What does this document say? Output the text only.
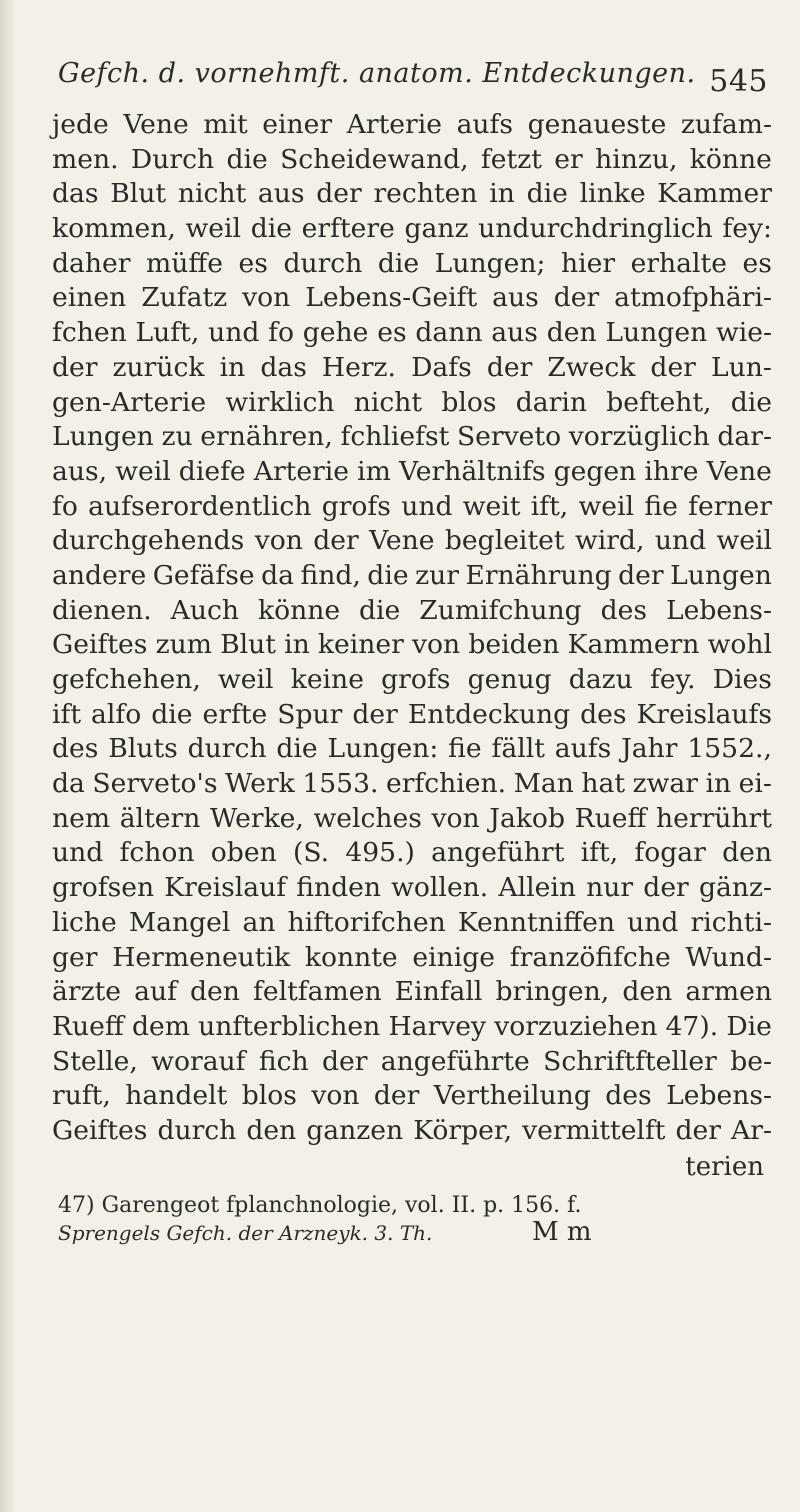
Gefch. d. vornehmft. anatom. Entdeckungen. 545
jede Vene mit einer Arterie aufs genaueste zufam-
men. Durch die Scheidewand, fetzt er hinzu, könne
das Blut nicht aus der rechten in die linke Kammer
kommen, weil die erftere ganz undurchdringlich fey:
daher müffe es durch die Lungen; hier erhalte es
einen Zufatz von Lebens-Geift aus der atmofphäri-
fchen Luft, und fo gehe es dann aus den Lungen wie-
der zurück in das Herz. Dafs der Zweck der Lun-
gen-Arterie wirklich nicht blos darin befteht, die
Lungen zu ernähren, fchliefst Serveto vorzüglich dar-
aus, weil diefe Arterie im Verhältnifs gegen ihre Vene
fo aufserordentlich grofs und weit ift, weil fie ferner
durchgehends von der Vene begleitet wird, und weil
andere Gefäfse da find, die zur Ernährung der Lungen
dienen. Auch könne die Zumifchung des Lebens-
Geiftes zum Blut in keiner von beiden Kammern wohl
gefchehen, weil keine grofs genug dazu fey. Dies
ift alfo die erfte Spur der Entdeckung des Kreislaufs
des Bluts durch die Lungen: fie fällt aufs Jahr 1552.,
da Serveto's Werk 1553. erfchien. Man hat zwar in ei-
nem ältern Werke, welches von Jakob Rueff herrührt
und fchon oben (S. 495.) angeführt ift, fogar den
grofsen Kreislauf finden wollen. Allein nur der gänz-
liche Mangel an hiftorifchen Kenntniffen und richti-
ger Hermeneutik konnte einige franzöfifche Wund-
ärzte auf den feltfamen Einfall bringen, den armen
Rueff dem unfterblichen Harvey vorzuziehen 47). Die
Stelle, worauf fich der angeführte Schriftfteller be-
ruft, handelt blos von der Vertheilung des Lebens-
Geiftes durch den ganzen Körper, vermittelft der Ar-
terien
47) Garengeot fplanchnologie, vol. II. p. 156. f.
Sprengels Gefch. der Arzneyk. 3. Th.	M m
